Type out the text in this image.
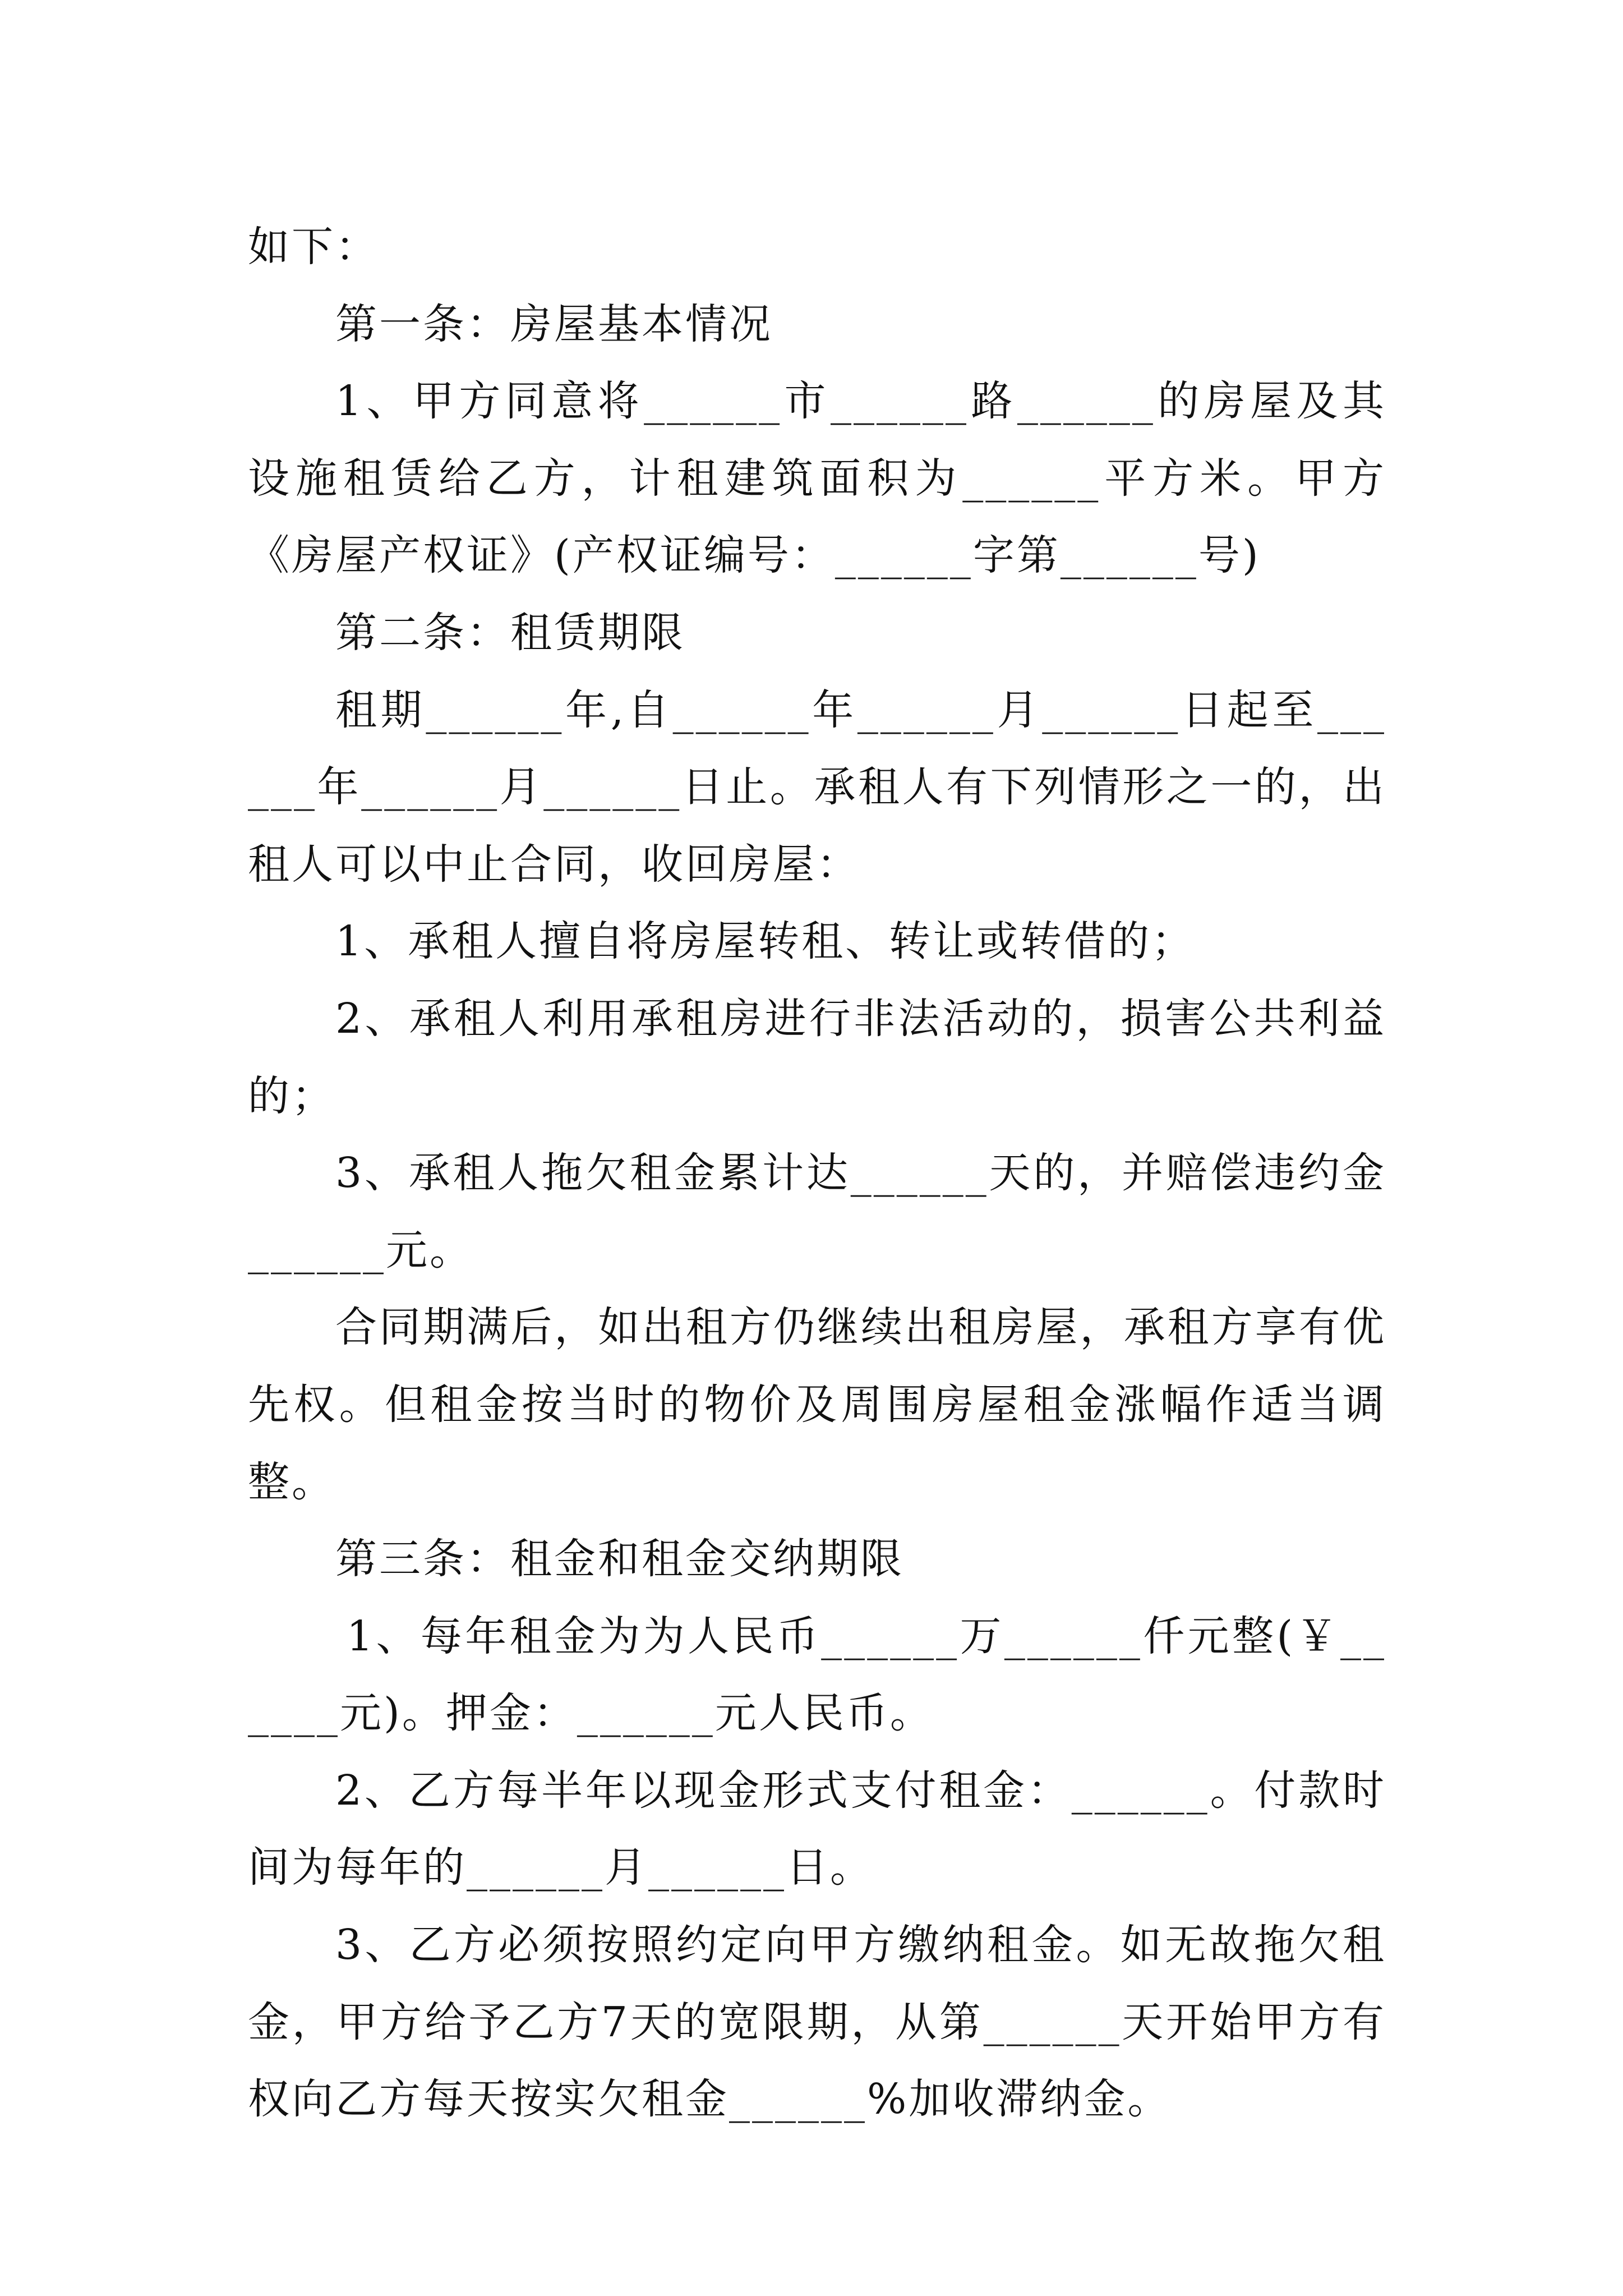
如下：

第一条：房屋基本情况

1、甲方同意将______市______路______的房屋及其设施租赁给乙方，计租建筑面积为______平方米。甲方《房屋产权证》(产权证编号：______字第______号)

第二条：租赁期限

租期______年,自______年______月______日起至______年______月______日止。承租人有下列情形之一的，出租人可以中止合同，收回房屋：

1、承租人擅自将房屋转租、转让或转借的；

2、承租人利用承租房进行非法活动的，损害公共利益的；

3、承租人拖欠租金累计达______天的，并赔偿违约金______元。

合同期满后，如出租方仍继续出租房屋，承租方享有优先权。但租金按当时的物价及周围房屋租金涨幅作适当调整。

第三条：租金和租金交纳期限

1、每年租金为为人民币______万______仟元整(￥______元)。押金：______元人民币。

2、乙方每半年以现金形式支付租金：______。付款时间为每年的______月______日。

3、乙方必须按照约定向甲方缴纳租金。如无故拖欠租金，甲方给予乙方7天的宽限期，从第______天开始甲方有权向乙方每天按实欠租金______%加收滞纳金。
